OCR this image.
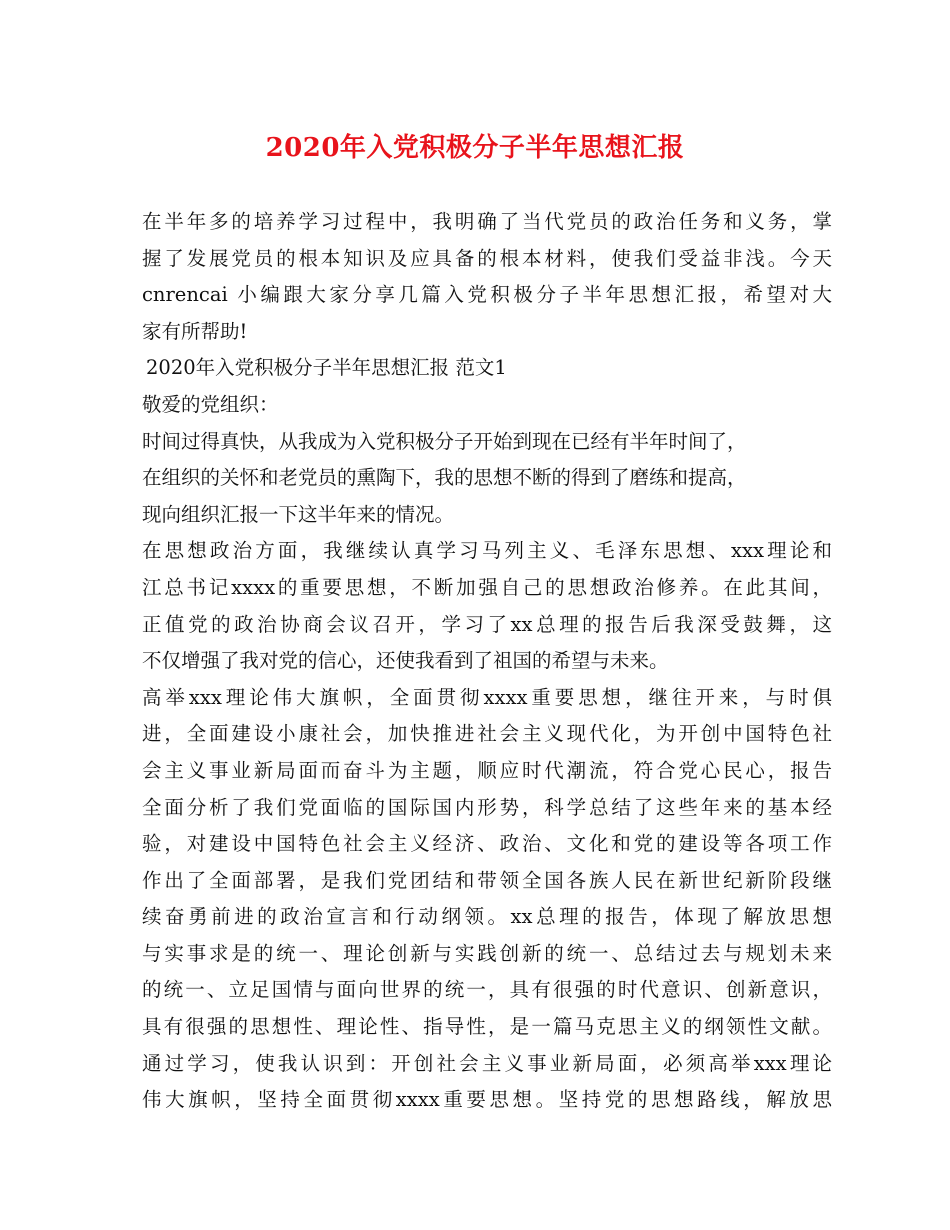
2020年入党积极分子半年思想汇报
在半年多的培养学习过程中，我明确了当代党员的政治任务和义务，掌
握了发展党员的根本知识及应具备的根本材料，使我们受益非浅。今天
cnrencai 小编跟大家分享几篇入党积极分子半年思想汇报，希望对大
家有所帮助!
2020年入党积极分子半年思想汇报 范文1
敬爱的党组织：
时间过得真快，从我成为入党积极分子开始到现在已经有半年时间了，
在组织的关怀和老党员的熏陶下，我的思想不断的得到了磨练和提高，
现向组织汇报一下这半年来的情况。
在思想政治方面，我继续认真学习马列主义、毛泽东思想、xxx理论和
江总书记xxxx的重要思想，不断加强自己的思想政治修养。在此其间，
正值党的政治协商会议召开，学习了xx总理的报告后我深受鼓舞，这
不仅增强了我对党的信心，还使我看到了祖国的希望与未来。
高举xxx理论伟大旗帜，全面贯彻xxxx重要思想，继往开来，与时俱
进，全面建设小康社会，加快推进社会主义现代化，为开创中国特色社
会主义事业新局面而奋斗为主题，顺应时代潮流，符合党心民心，报告
全面分析了我们党面临的国际国内形势，科学总结了这些年来的基本经
验，对建设中国特色社会主义经济、政治、文化和党的建设等各项工作
作出了全面部署，是我们党团结和带领全国各族人民在新世纪新阶段继
续奋勇前进的政治宣言和行动纲领。xx总理的报告，体现了解放思想
与实事求是的统一、理论创新与实践创新的统一、总结过去与规划未来
的统一、立足国情与面向世界的统一，具有很强的时代意识、创新意识，
具有很强的思想性、理论性、指导性，是一篇马克思主义的纲领性文献。
通过学习，使我认识到：开创社会主义事业新局面，必须高举xxx理论
伟大旗帜，坚持全面贯彻xxxx重要思想。坚持党的思想路线，解放思
